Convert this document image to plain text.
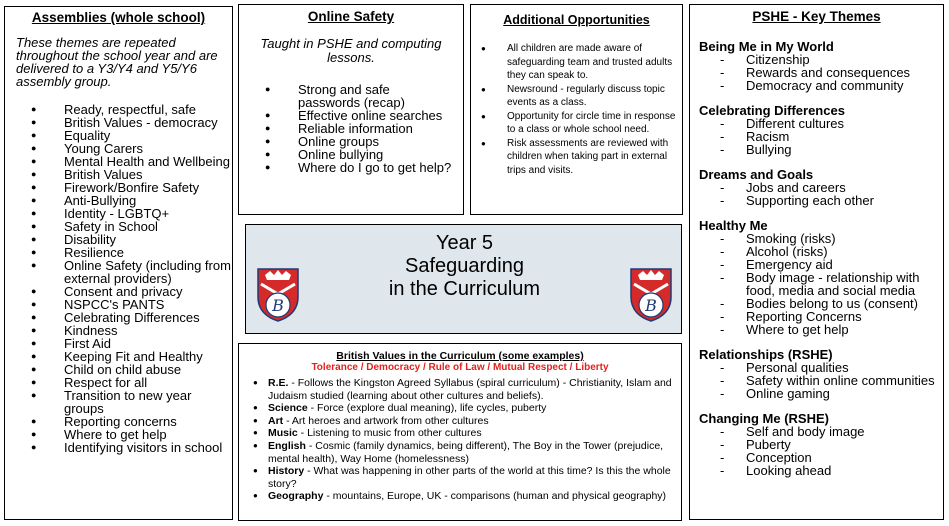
Assemblies (whole school)
These themes are repeated throughout the school year and are delivered to a Y3/Y4 and Y5/Y6 assembly group.
● Ready, respectful, safe
● British Values - democracy
● Equality
● Young Carers
● Mental Health and Wellbeing
● British Values
● Firework/Bonfire Safety
● Anti-Bullying
● Identity - LGBTQ+
● Safety in School
● Disability
● Resilience
● Online Safety (including from external providers)
● Consent and privacy
● NSPCC's PANTS
● Celebrating Differences
● Kindness
● First Aid
● Keeping Fit and Healthy
● Child on child abuse
● Respect for all
● Transition to new year groups
● Reporting concerns
● Where to get help
● Identifying visitors in school
Online Safety
Taught in PSHE and computing lessons.
● Strong and safe passwords (recap)
● Effective online searches
● Reliable information
● Online groups
● Online bullying
● Where do I go to get help?
Additional Opportunities
● All children are made aware of safeguarding team and trusted adults they can speak to.
● Newsround - regularly discuss topic events as a class.
● Opportunity for circle time in response to a class or whole school need.
● Risk assessments are reviewed with children when taking part in external trips and visits.
Year 5
Safeguarding
in the Curriculum
B	B
British Values in the Curriculum (some examples)
Tolerance / Democracy / Rule of Law / Mutual Respect / Liberty
● R.E. - Follows the Kingston Agreed Syllabus (spiral curriculum) - Christianity, Islam and Judaism studied (learning about other cultures and beliefs).
● Science - Force (explore dual meaning), life cycles, puberty
● Art - Art heroes and artwork from other cultures
● Music - Listening to music from other cultures
● English - Cosmic (family dynamics, being different), The Boy in the Tower (prejudice, mental health), Way Home (homelessness)
● History - What was happening in other parts of the world at this time? Is this the whole story?
● Geography - mountains, Europe, UK - comparisons (human and physical geography)
PSHE - Key Themes
Being Me in My World
- Citizenship
- Rewards and consequences
- Democracy and community
Celebrating Differences
- Different cultures
- Racism
- Bullying
Dreams and Goals
- Jobs and careers
- Supporting each other
Healthy Me
- Smoking (risks)
- Alcohol (risks)
- Emergency aid
- Body image - relationship with food, media and social media
- Bodies belong to us (consent)
- Reporting Concerns
- Where to get help
Relationships (RSHE)
- Personal qualities
- Safety within online communities
- Online gaming
Changing Me (RSHE)
- Self and body image
- Puberty
- Conception
- Looking ahead
